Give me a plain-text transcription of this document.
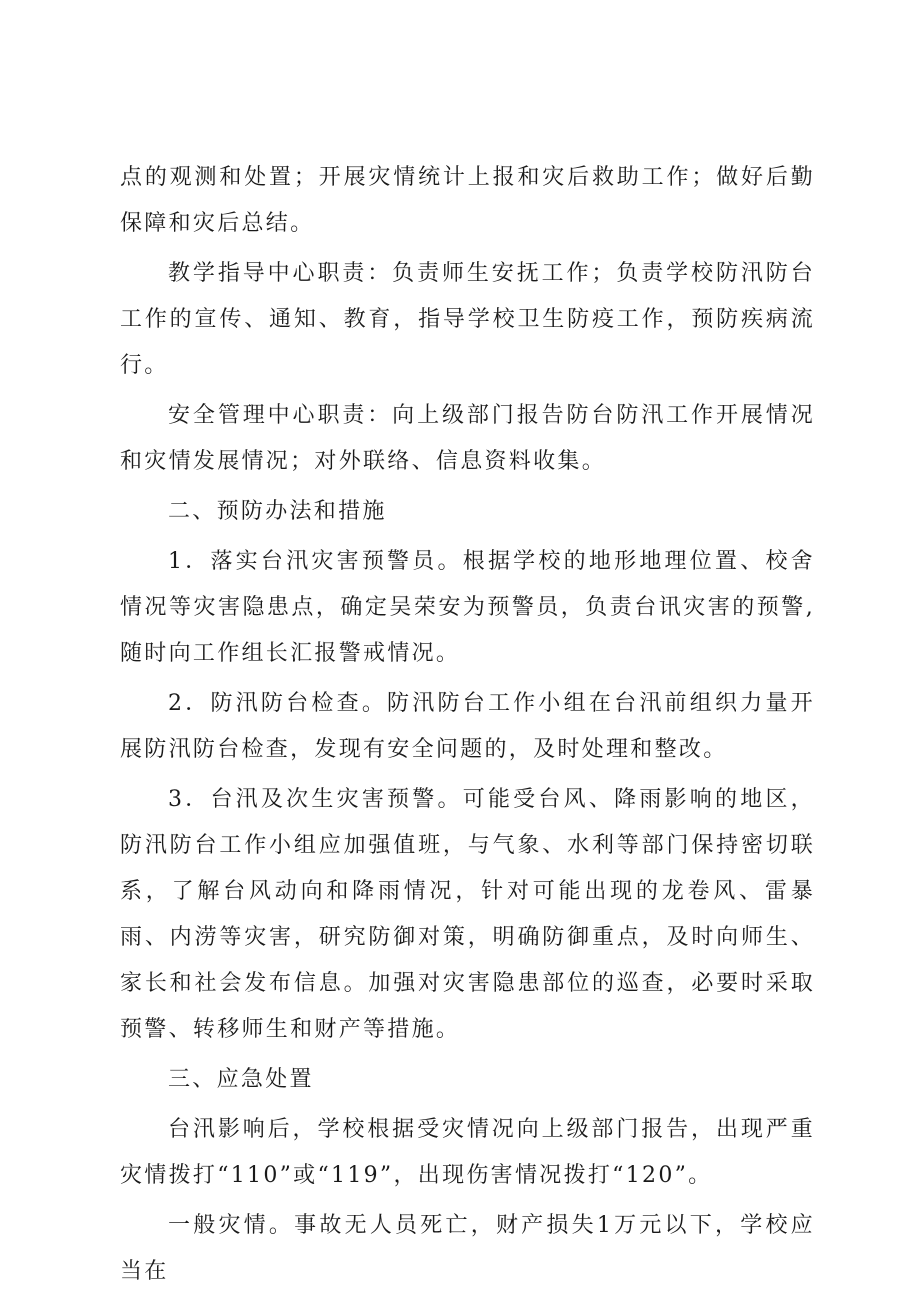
点的观测和处置；开展灾情统计上报和灾后救助工作；做好后勤保障和灾后总结。

教学指导中心职责：负责师生安抚工作；负责学校防汛防台工作的宣传、通知、教育，指导学校卫生防疫工作，预防疾病流行。

安全管理中心职责：向上级部门报告防台防汛工作开展情况和灾情发展情况；对外联络、信息资料收集。

二、预防办法和措施

1．落实台汛灾害预警员。根据学校的地形地理位置、校舍情况等灾害隐患点，确定吴荣安为预警员，负责台讯灾害的预警,随时向工作组长汇报警戒情况。

2．防汛防台检查。防汛防台工作小组在台汛前组织力量开展防汛防台检查，发现有安全问题的，及时处理和整改。

3．台汛及次生灾害预警。可能受台风、降雨影响的地区，防汛防台工作小组应加强值班，与气象、水利等部门保持密切联系，了解台风动向和降雨情况，针对可能出现的龙卷风、雷暴雨、内涝等灾害，研究防御对策，明确防御重点，及时向师生、家长和社会发布信息。加强对灾害隐患部位的巡查，必要时采取预警、转移师生和财产等措施。

三、应急处置

台汛影响后，学校根据受灾情况向上级部门报告，出现严重灾情拨打“110”或“119”，出现伤害情况拨打“120”。

一般灾情。事故无人员死亡，财产损失1万元以下，学校应当在
